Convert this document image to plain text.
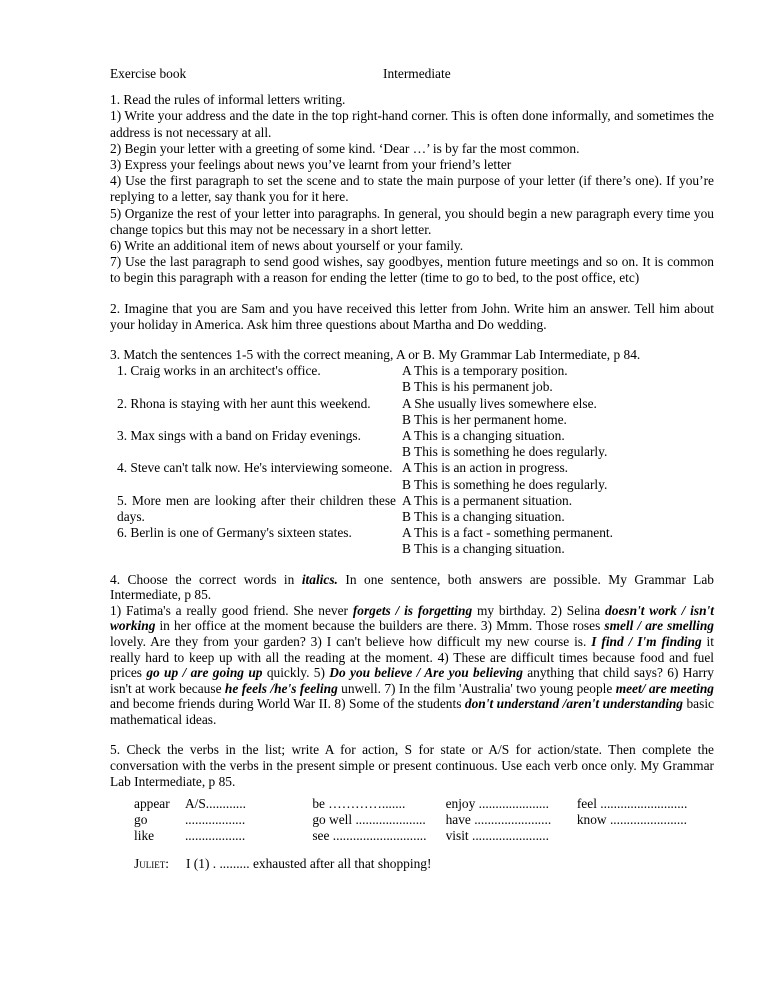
Exercise book	Intermediate

1. Read the rules of informal letters writing.

1) Write your address and the date in the top right-hand corner. This is often done informally, and sometimes the address is not necessary at all.

2) Begin your letter with a greeting of some kind. ‘Dear …’ is by far the most common.

3) Express your feelings about news you’ve learnt from your friend’s letter

4) Use the first paragraph to set the scene and to state the main purpose of your letter (if there’s one). If you’re replying to a letter, say thank you for it here.

5) Organize the rest of your letter into paragraphs. In general, you should begin a new paragraph every time you change topics but this may not be necessary in a short letter.

6) Write an additional item of news about yourself or your family.

7) Use the last paragraph to send good wishes, say goodbyes, mention future meetings and so on. It is common to begin this paragraph with a reason for ending the letter (time to go to bed, to the post office, etc)

2. Imagine that you are Sam and you have received this letter from John. Write him an answer. Tell him about your holiday in America. Ask him three questions about Martha and Do wedding.

3. Match the sentences 1-5 with the correct meaning, A or B. My Grammar Lab Intermediate, p 84.

1. Craig works in an architect's office.	A This is a temporary position.
B This is his permanent job.
2. Rhona is staying with her aunt this weekend.	A She usually lives somewhere else.
B This is her permanent home.
3. Max sings with a band on Friday evenings.	A This is a changing situation.
B This is something he does regularly.
4. Steve can't talk now. He's interviewing someone. A This is an action in progress.
B This is something he does regularly.
5. More men are looking after their children these days.
A This is a permanent situation.
B This is a changing situation.
6. Berlin is one of Germany's sixteen states.	A This is a fact - something permanent.
B This is a changing situation.

4. Choose the correct words in italics. In one sentence, both answers are possible. My Grammar Lab Intermediate, p 85.

1) Fatima's a really good friend. She never forgets / is forgetting my birthday. 2) Selina doesn't work / isn't working in her office at the moment because the builders are there. 3) Mmm. Those roses smell / are smelling lovely. Are they from your garden? 3) I can't believe how difficult my new course is. I find / I'm finding it really hard to keep up with all the reading at the moment. 4) These are difficult times because food and fuel prices go up / are going up quickly. 5) Do you believe / Are you believing anything that child says? 6) Harry isn't at work because he feels /he's feeling unwell. 7) In the film 'Australia' two young people meet/ are meeting and become friends during World War II. 8) Some of the students don't understand /aren't understanding basic mathematical ideas.

5. Check the verbs in the list; write A for action, S for state or A/S for action/state. Then complete the conversation with the verbs in the present simple or present continuous. Use each verb once only. My Grammar Lab Intermediate, p 85.

appear	A/S............	be ………….......	enjoy .....................	feel ..........................
go	..................	go well .....................	have .......................	know .......................
like	..................	see ............................	visit .......................
Juliet:	I (1) . ......... exhausted after all that shopping!
